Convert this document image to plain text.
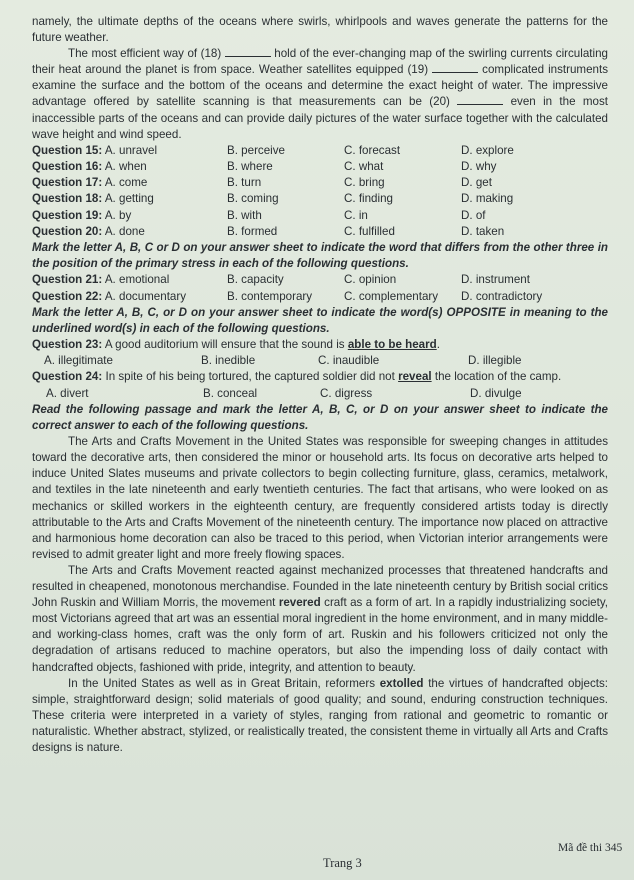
namely, the ultimate depths of the oceans where swirls, whirlpools and waves generate the patterns for the future weather.

The most efficient way of (18)	hold of the ever-changing map of the swirling currents circulating their heat around the planet is from space. Weather satellites equipped (19)	complicated instruments examine the surface and the bottom of the oceans and determine the exact height of water. The impressive advantage offered by satellite scanning is that measurements can be (20)	even in the most inaccessible parts of the oceans and can provide daily pictures of the water surface together with the calculated wave height and wind speed.

Question 15: A. unravel	B. perceive	C. forecast	D. explore
Question 16: A. when	B. where	C. what	D. why
Question 17: A. come	B. turn	C. bring	D. get
Question 18: A. getting	B. coming	C. finding	D. making
Question 19: A. by	B. with	C. in	D. of
Question 20: A. done	B. formed	C. fulfilled	D. taken

Mark the letter A, B, C or D on your answer sheet to indicate the word that differs from the other three in the position of the primary stress in each of the following questions.

Question 21: A. emotional	B. capacity	C. opinion	D. instrument
Question 22: A. documentary	B. contemporary	C. complementary	D. contradictory

Mark the letter A, B, C, or D on your answer sheet to indicate the word(s) OPPOSITE in meaning to the underlined word(s) in each of the following questions.

Question 23: A good auditorium will ensure that the sound is able to be heard.

A. illegitimate	B. inedible	C. inaudible	D. illegible

Question 24: In spite of his being tortured, the captured soldier did not reveal the location of the camp.

A. divert	B. conceal	C. digress	D. divulge

Read the following passage and mark the letter A, B, C, or D on your answer sheet to indicate the correct answer to each of the following questions.

The Arts and Crafts Movement in the United States was responsible for sweeping changes in attitudes toward the decorative arts, then considered the minor or household arts. Its focus on decorative arts helped to induce United Slates museums and private collectors to begin collecting furniture, glass, ceramics, metalwork, and textiles in the late nineteenth and early twentieth centuries. The fact that artisans, who were looked on as mechanics or skilled workers in the eighteenth century, are frequently considered artists today is directly attributable to the Arts and Crafts Movement of the nineteenth century. The importance now placed on attractive and harmonious home decoration can also be traced to this period, when Victorian interior arrangements were revised to admit greater light and more freely flowing spaces.

The Arts and Crafts Movement reacted against mechanized processes that threatened handcrafts and resulted in cheapened, monotonous merchandise. Founded in the late nineteenth century by British social critics John Ruskin and William Morris, the movement revered craft as a form of art. In a rapidly industrializing society, most Victorians agreed that art was an essential moral ingredient in the home environment, and in many middle- and working-class homes, craft was the only form of art. Ruskin and his followers criticized not only the degradation of artisans reduced to machine operators, but also the impending loss of daily contact with handcrafted objects, fashioned with pride, integrity, and attention to beauty.

In the United States as well as in Great Britain, reformers extolled the virtues of handcrafted objects: simple, straightforward design; solid materials of good quality; and sound, enduring construction techniques. These criteria were interpreted in a variety of styles, ranging from rational and geometric to romantic or naturalistic. Whether abstract, stylized, or realistically treated, the consistent theme in virtually all Arts and Crafts designs is nature.

Mã đề thi 345
Trang 3
